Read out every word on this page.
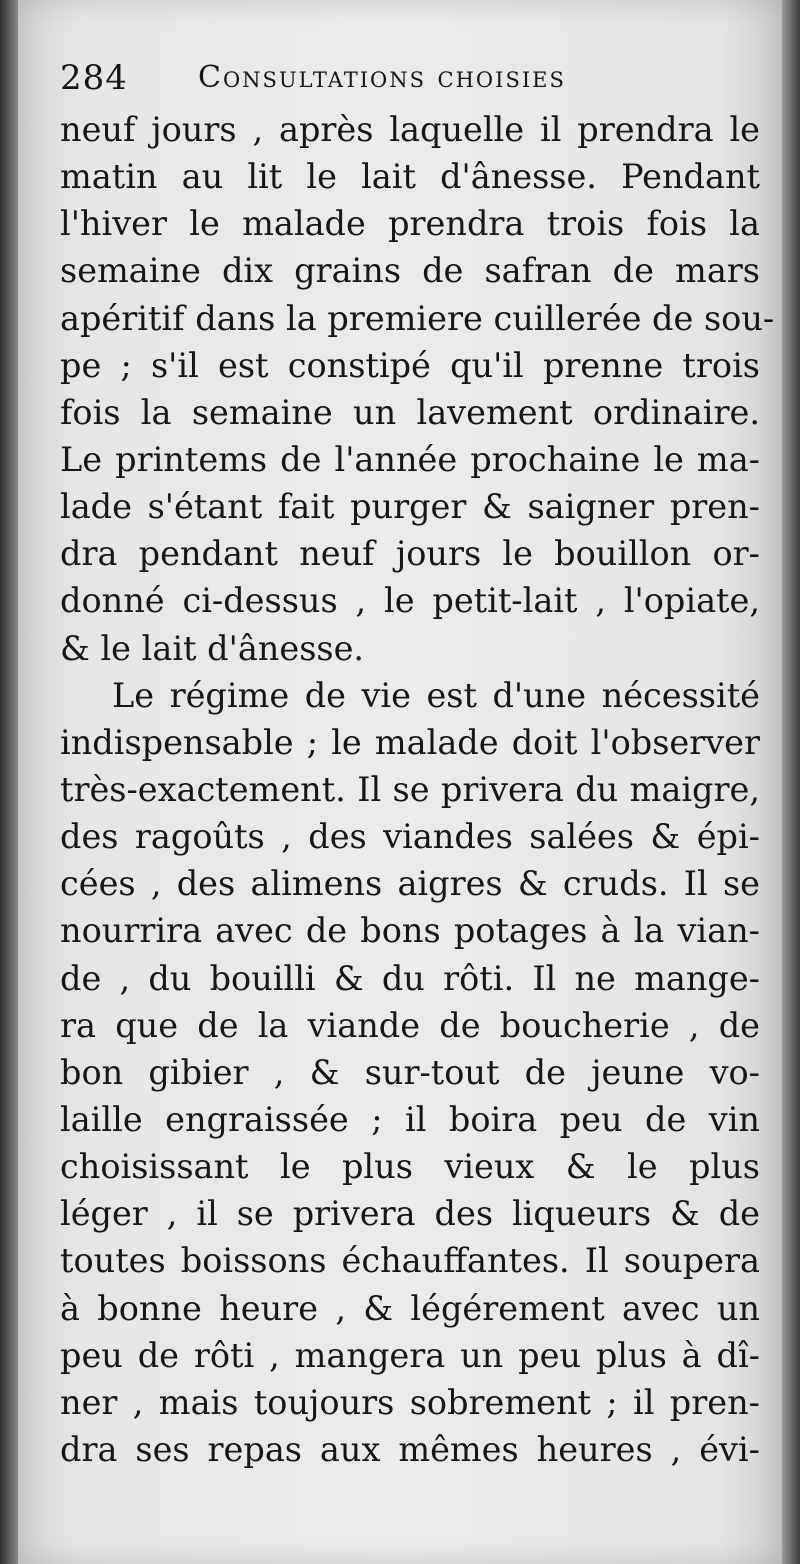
284 Consultations choisies
neuf jours , après laquelle il prendra le
matin au lit le lait d'ânesse. Pendant
l'hiver le malade prendra trois fois la
semaine dix grains de safran de mars
apéritif dans la premiere cuillerée de sou-
pe ; s'il est constipé qu'il prenne trois
fois la semaine un lavement ordinaire.
Le printems de l'année prochaine le ma-
lade s'étant fait purger & saigner pren-
dra pendant neuf jours le bouillon or-
donné ci-dessus , le petit-lait , l'opiate,
& le lait d'ânesse.
Le régime de vie est d'une nécessité
indispensable ; le malade doit l'observer
très-exactement. Il se privera du maigre,
des ragoûts , des viandes salées & épi-
cées , des alimens aigres & cruds. Il se
nourrira avec de bons potages à la vian-
de , du bouilli & du rôti. Il ne mange-
ra que de la viande de boucherie , de
bon gibier , & sur-tout de jeune vo-
laille engraissée ; il boira peu de vin
choisissant le plus vieux & le plus
léger , il se privera des liqueurs & de
toutes boissons échauffantes. Il soupera
à bonne heure , & légérement avec un
peu de rôti , mangera un peu plus à dî-
ner , mais toujours sobrement ; il pren-
dra ses repas aux mêmes heures , évi-
